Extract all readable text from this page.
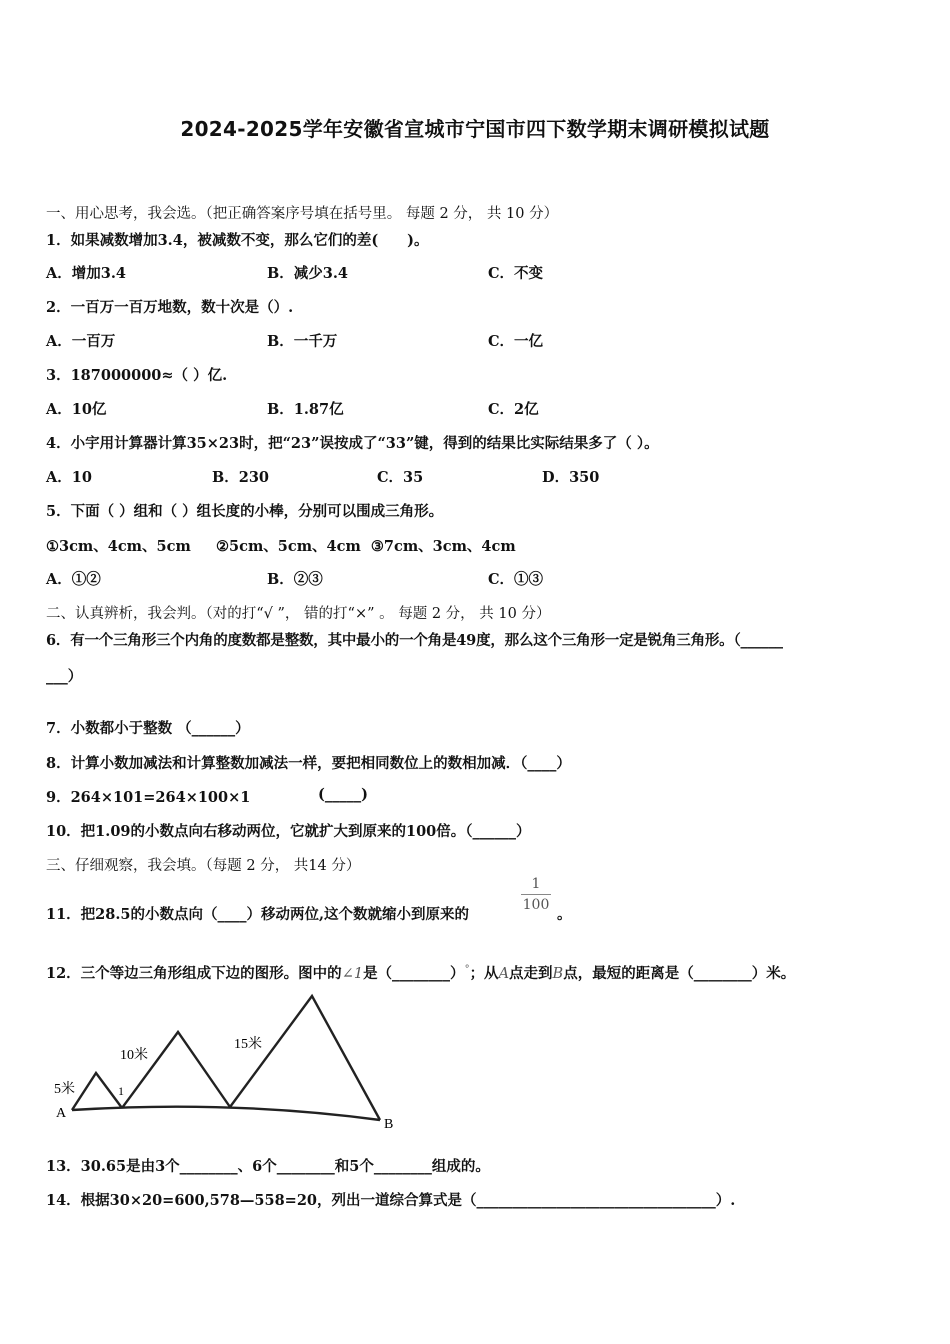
2024-2025学年安徽省宣城市宁国市四下数学期末调研模拟试题
一、用心思考，我会选。（把正确答案序号填在括号里。 每题 2 分， 共 10 分）
1．如果减数增加3.4，被减数不变，那么它们的差(　　)。
A．增加3.4	B．减少3.4	C．不变
2．一百万一百万地数，数十次是（）.
A．一百万	B．一千万	C．一亿
3．187000000≈（ ）亿.
A．10亿	B．1.87亿	C．2亿
4．小宇用计算器计算35×23时，把“23”误按成了“33”键，得到的结果比实际结果多了（ ）。
A．10	B．230	C．35	D．350
5．下面（ ）组和（ ）组长度的小棒，分别可以围成三角形。
①3cm、4cm、5cm     ②5cm、5cm、4cm  ③7cm、3cm、4cm
A．①②	B．②③	C．①③
二、认真辨析，我会判。（对的打“√ ”， 错的打“×” 。 每题 2 分， 共 10 分）
6．有一个三角形三个内角的度数都是整数，其中最小的一个角是49度，那么这个三角形一定是锐角三角形。（______
___）
7．小数都小于整数 （______）
8．计算小数加减法和计算整数加减法一样，要把相同数位上的数相加减．（____）
9．264×101=264×100×1	(_____)
10．把1.09的小数点向右移动两位，它就扩大到原来的100倍。（______）
三、仔细观察，我会填。（每题 2 分， 共14 分）
11．把28.5的小数点向（____）移动两位,这个数就缩小到原来的
$\frac{1}{100}$
。
12．三个等边三角形组成下边的图形。图中的∠1是（________）°；从A点走到B点，最短的距离是（________）米。
5米
10米
15米
1
A
B
13．30.65是由3个________、6个________和5个________组成的。
14．根据30×20=600,578—558=20，列出一道综合算式是（_________________________________）.
